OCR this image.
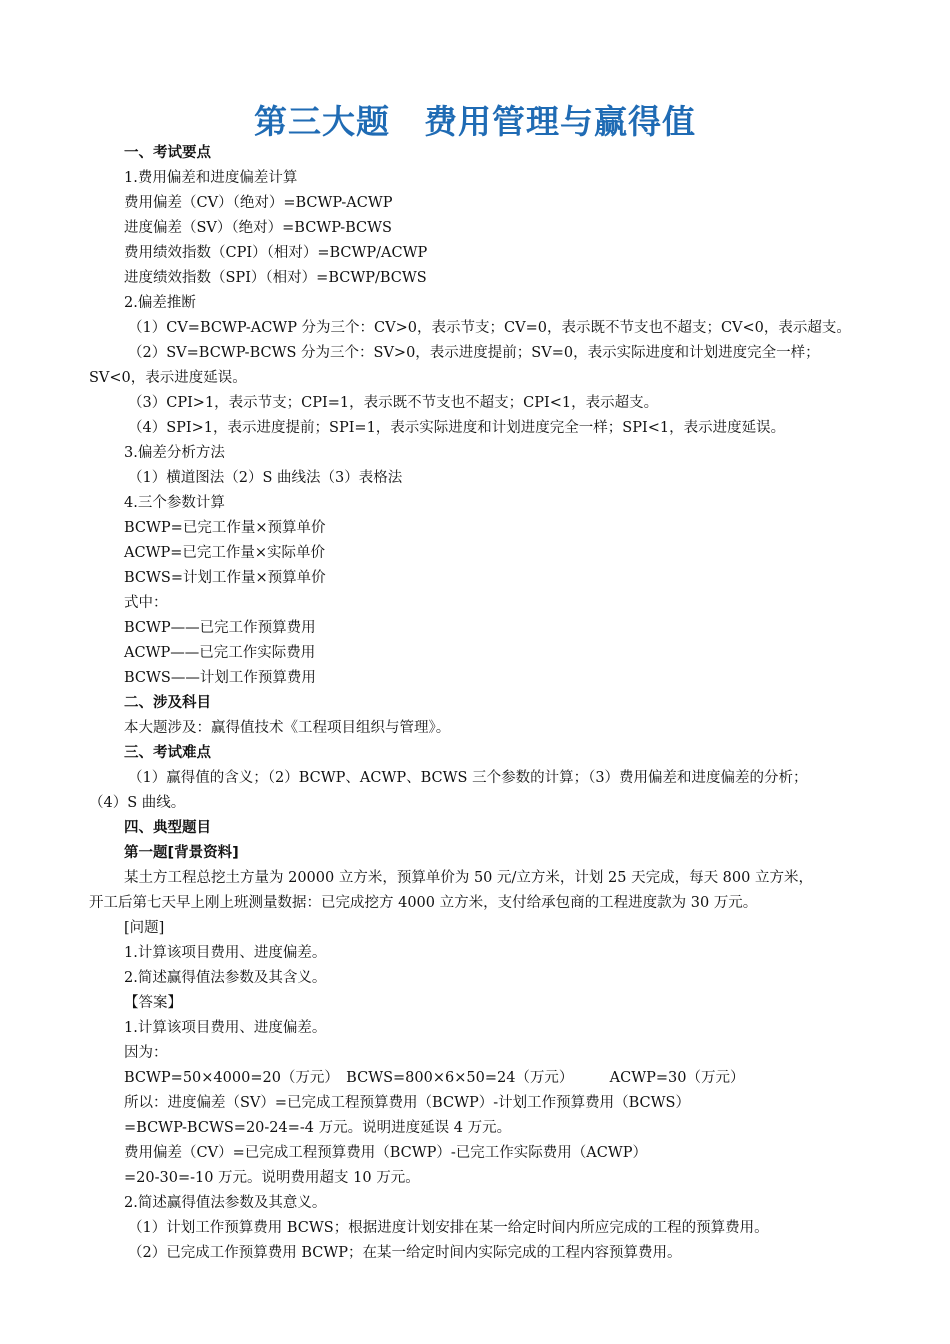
第三大题　费用管理与赢得值
一、考试要点
1.费用偏差和进度偏差计算
费用偏差（CV）（绝对）=BCWP-ACWP
进度偏差（SV）（绝对）=BCWP-BCWS
费用绩效指数（CPI）（相对）=BCWP/ACWP
进度绩效指数（SPI）（相对）=BCWP/BCWS
2.偏差推断
（1）CV=BCWP-ACWP 分为三个：CV>0，表示节支；CV=0，表示既不节支也不超支；CV<0，表示超支。
（2）SV=BCWP-BCWS 分为三个：SV>0，表示进度提前；SV=0，表示实际进度和计划进度完全一样；
SV<0，表示进度延误。
（3）CPI>1，表示节支；CPI=1，表示既不节支也不超支；CPI<1，表示超支。
（4）SPI>1，表示进度提前；SPI=1，表示实际进度和计划进度完全一样；SPI<1，表示进度延误。
3.偏差分析方法
（1）横道图法（2）S 曲线法（3）表格法
4.三个参数计算
BCWP=已完工作量×预算单价
ACWP=已完工作量×实际单价
BCWS=计划工作量×预算单价
式中：
BCWP——已完工作预算费用
ACWP——已完工作实际费用
BCWS——计划工作预算费用
二、涉及科目
本大题涉及：赢得值技术《工程项目组织与管理》。
三、考试难点
（1）赢得值的含义；（2）BCWP、ACWP、BCWS 三个参数的计算；（3）费用偏差和进度偏差的分析；
（4）S 曲线。
四、典型题目
第一题[背景资料]
某土方工程总挖土方量为 20000 立方米，预算单价为 50 元/立方米，计划 25 天完成，每天 800 立方米，
开工后第七天早上刚上班测量数据：已完成挖方 4000 立方米，支付给承包商的工程进度款为 30 万元。
[问题]
1.计算该项目费用、进度偏差。
2.简述赢得值法参数及其含义。
【答案】
1.计算该项目费用、进度偏差。
因为：
BCWP=50×4000=20（万元）　BCWS=800×6×50=24（万元）　　　ACWP=30（万元）
所以：进度偏差（SV）=已完成工程预算费用（BCWP）-计划工作预算费用（BCWS）
=BCWP-BCWS=20-24=-4 万元。说明进度延误 4 万元。
费用偏差（CV）=已完成工程预算费用（BCWP）-已完工作实际费用（ACWP）
=20-30=-10 万元。说明费用超支 10 万元。
2.简述赢得值法参数及其意义。
（1）计划工作预算费用 BCWS；根据进度计划安排在某一给定时间内所应完成的工程的预算费用。
（2）已完成工作预算费用 BCWP；在某一给定时间内实际完成的工程内容预算费用。
